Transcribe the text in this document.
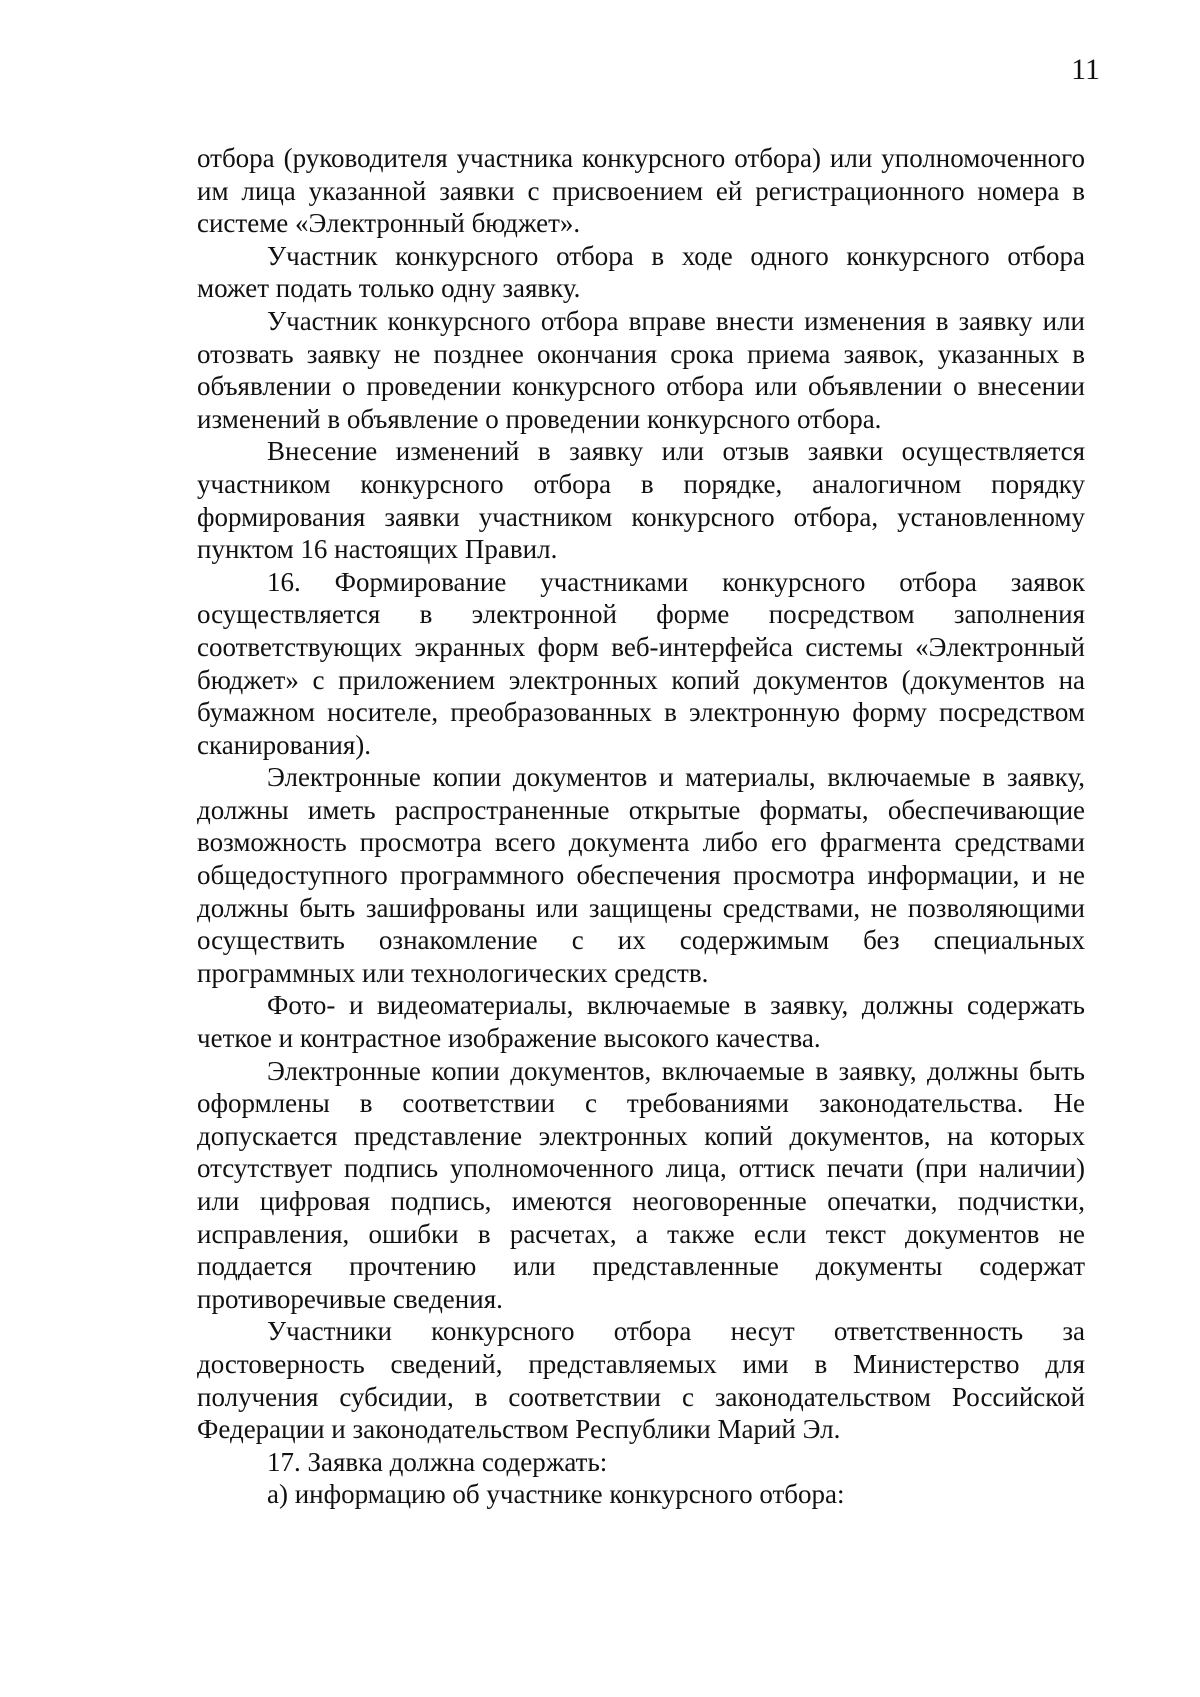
11

отбора (руководителя участника конкурсного отбора) или уполномоченного им лица указанной заявки с присвоением ей регистрационного номера в системе «Электронный бюджет».

Участник конкурсного отбора в ходе одного конкурсного отбора может подать только одну заявку.

Участник конкурсного отбора вправе внести изменения в заявку или отозвать заявку не позднее окончания срока приема заявок, указанных в объявлении о проведении конкурсного отбора или объявлении о внесении изменений в объявление о проведении конкурсного отбора.

Внесение изменений в заявку или отзыв заявки осуществляется участником конкурсного отбора в порядке, аналогичном порядку формирования заявки участником конкурсного отбора, установленному пунктом 16 настоящих Правил.

16. Формирование участниками конкурсного отбора заявок осуществляется в электронной форме посредством заполнения соответствующих экранных форм веб-интерфейса системы «Электронный бюджет» с приложением электронных копий документов (документов на бумажном носителе, преобразованных в электронную форму посредством сканирования).

Электронные копии документов и материалы, включаемые в заявку, должны иметь распространенные открытые форматы, обеспечивающие возможность просмотра всего документа либо его фрагмента средствами общедоступного программного обеспечения просмотра информации, и не должны быть зашифрованы или защищены средствами, не позволяющими осуществить ознакомление с их содержимым без специальных программных или технологических средств.

Фото- и видеоматериалы, включаемые в заявку, должны содержать четкое и контрастное изображение высокого качества.

Электронные копии документов, включаемые в заявку, должны быть оформлены в соответствии с требованиями законодательства. Не допускается представление электронных копий документов, на которых отсутствует подпись уполномоченного лица, оттиск печати (при наличии) или цифровая подпись, имеются неоговоренные опечатки, подчистки, исправления, ошибки в расчетах, а также если текст документов не поддается прочтению или представленные документы содержат противоречивые сведения.

Участники конкурсного отбора несут ответственность за достоверность сведений, представляемых ими в Министерство для получения субсидии, в соответствии с законодательством Российской Федерации и законодательством Республики Марий Эл.

17. Заявка должна содержать:

а) информацию об участнике конкурсного отбора:
